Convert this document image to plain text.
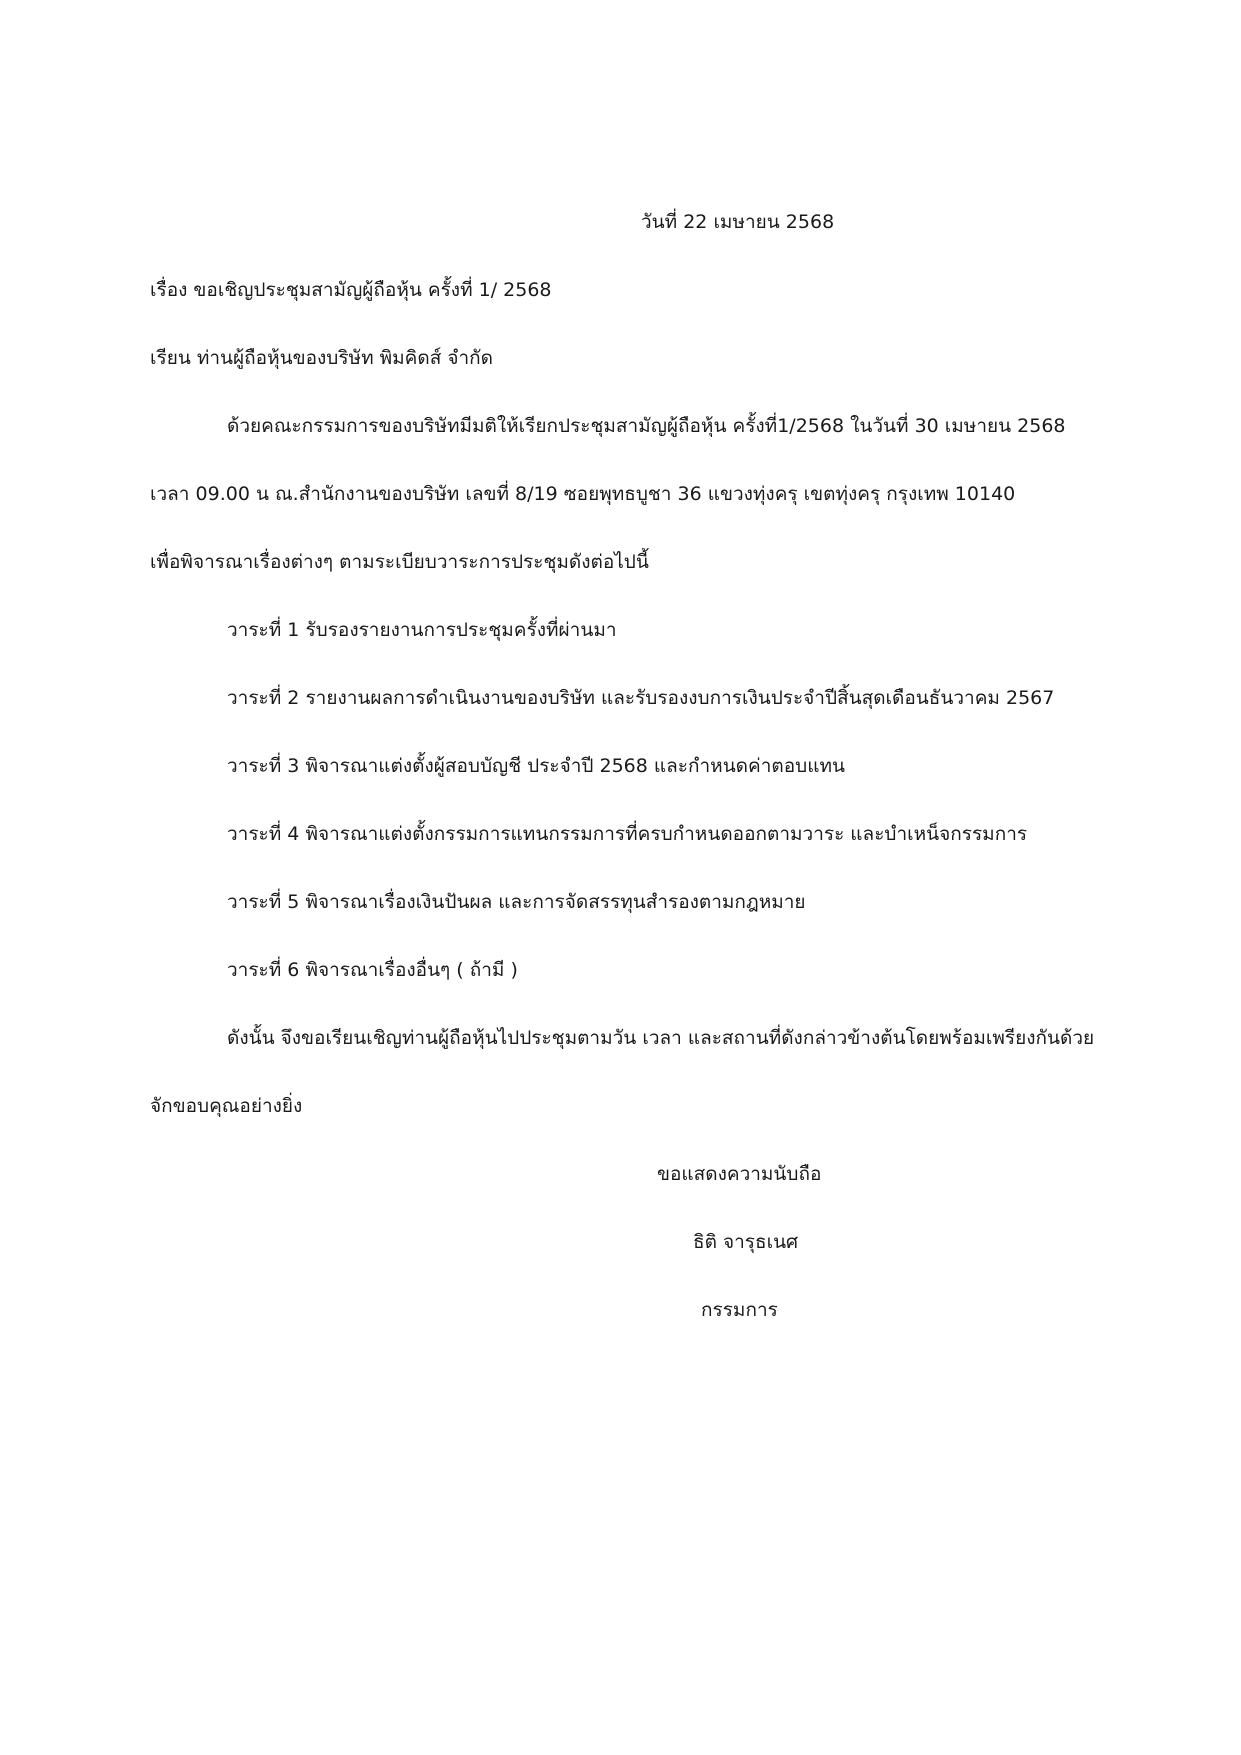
วันที่ 22 เมษายน 2568
เรื่อง ขอเชิญประชุมสามัญผู้ถือหุ้น ครั้งที่ 1/ 2568
เรียน ท่านผู้ถือหุ้นของบริษัท พิมคิดส์ จำกัด
ด้วยคณะกรรมการของบริษัทมีมติให้เรียกประชุมสามัญผู้ถือหุ้น ครั้งที่1/2568 ในวันที่ 30 เมษายน 2568
เวลา 09.00 น ณ.สำนักงานของบริษัท เลขที่ 8/19 ซอยพุทธบูชา 36 แขวงทุ่งครุ เขตทุ่งครุ กรุงเทพ 10140
เพื่อพิจารณาเรื่องต่างๆ ตามระเบียบวาระการประชุมดังต่อไปนี้
วาระที่ 1 รับรองรายงานการประชุมครั้งที่ผ่านมา
วาระที่ 2 รายงานผลการดำเนินงานของบริษัท และรับรองงบการเงินประจำปีสิ้นสุดเดือนธันวาคม 2567
วาระที่ 3 พิจารณาแต่งตั้งผู้สอบบัญชี ประจำปี 2568 และกำหนดค่าตอบแทน
วาระที่ 4 พิจารณาแต่งตั้งกรรมการแทนกรรมการที่ครบกำหนดออกตามวาระ และบำเหน็จกรรมการ
วาระที่ 5 พิจารณาเรื่องเงินปันผล และการจัดสรรทุนสำรองตามกฎหมาย
วาระที่ 6 พิจารณาเรื่องอื่นๆ ( ถ้ามี )
ดังนั้น จึงขอเรียนเชิญท่านผู้ถือหุ้นไปประชุมตามวัน เวลา และสถานที่ดังกล่าวข้างต้นโดยพร้อมเพรียงกันด้วย
จักขอบคุณอย่างยิ่ง
ขอแสดงความนับถือ
ธิติ จารุธเนศ
กรรมการ
